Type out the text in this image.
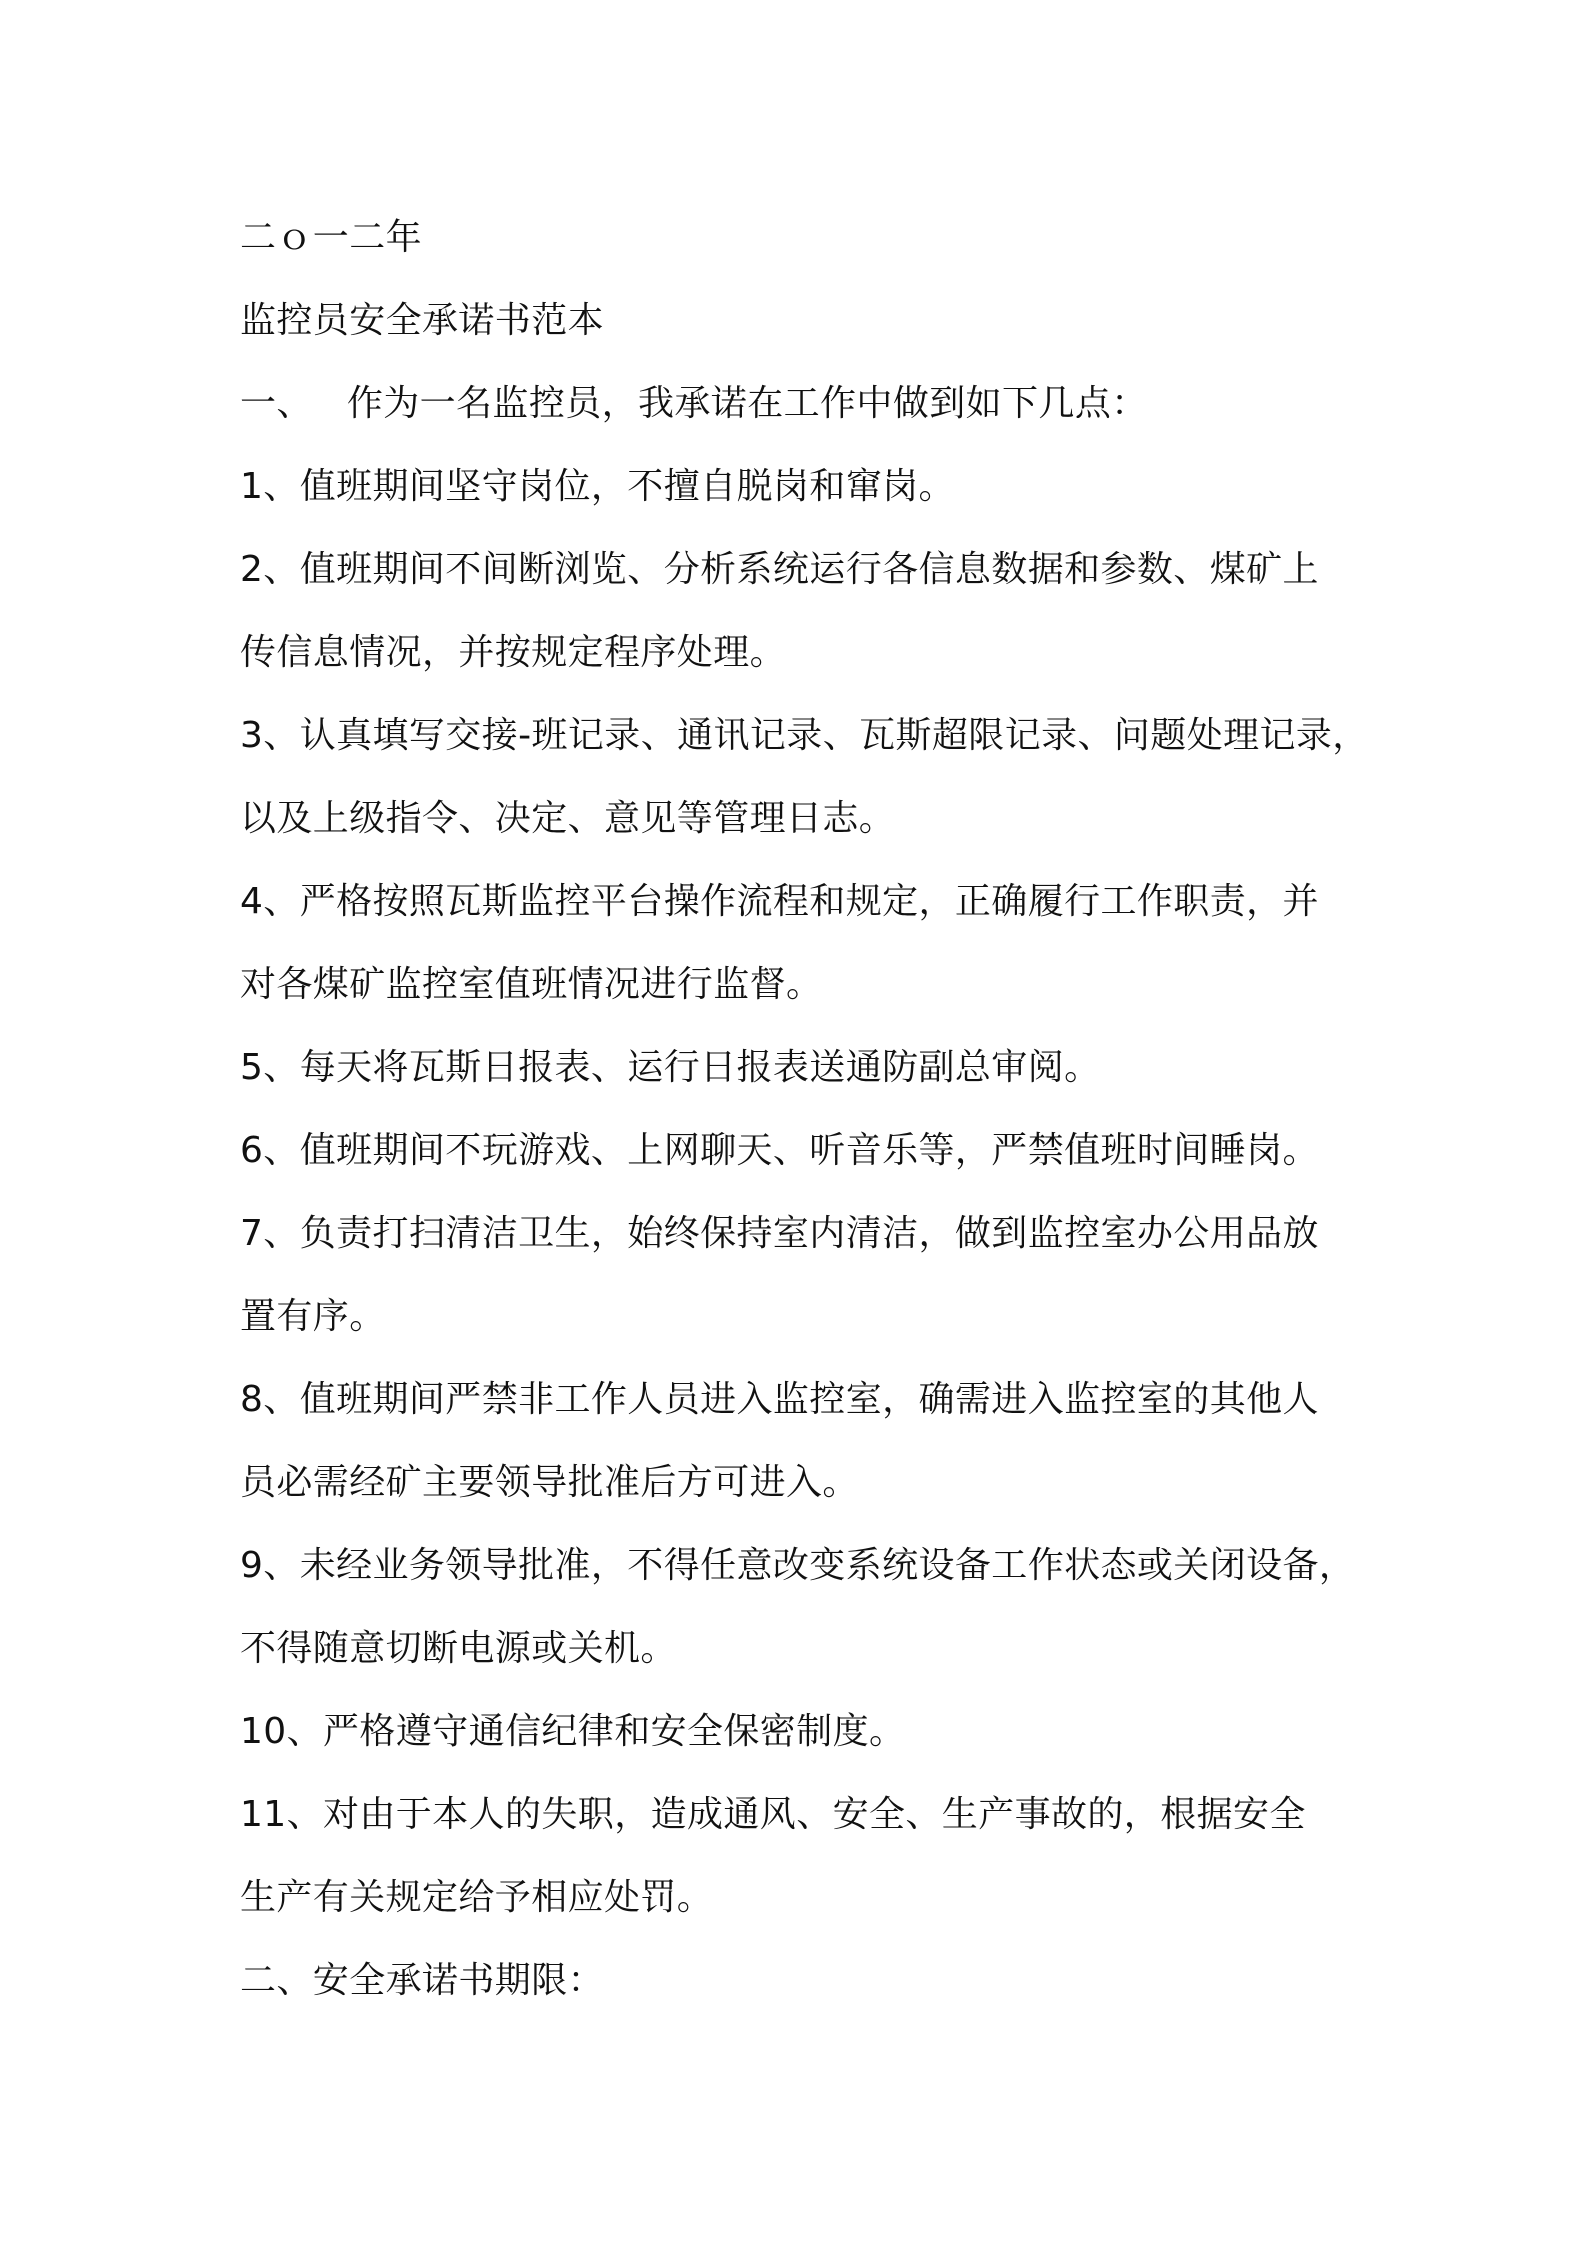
二ｏ一二年
监控员安全承诺书范本
一、 作为一名监控员，我承诺在工作中做到如下几点：
1、值班期间坚守岗位，不擅自脱岗和窜岗。
2、值班期间不间断浏览、分析系统运行各信息数据和参数、煤矿上
传信息情况，并按规定程序处理。
3、认真填写交接-班记录、通讯记录、瓦斯超限记录、问题处理记录，
以及上级指令、决定、意见等管理日志。
4、严格按照瓦斯监控平台操作流程和规定，正确履行工作职责，并
对各煤矿监控室值班情况进行监督。
5、每天将瓦斯日报表、运行日报表送通防副总审阅。
6、值班期间不玩游戏、上网聊天、听音乐等，严禁值班时间睡岗。
7、负责打扫清洁卫生，始终保持室内清洁，做到监控室办公用品放
置有序。
8、值班期间严禁非工作人员进入监控室，确需进入监控室的其他人
员必需经矿主要领导批准后方可进入。
9、未经业务领导批准，不得任意改变系统设备工作状态或关闭设备，
不得随意切断电源或关机。
10、严格遵守通信纪律和安全保密制度。
11、对由于本人的失职，造成通风、安全、生产事故的，根据安全
生产有关规定给予相应处罚。
二、安全承诺书期限：
